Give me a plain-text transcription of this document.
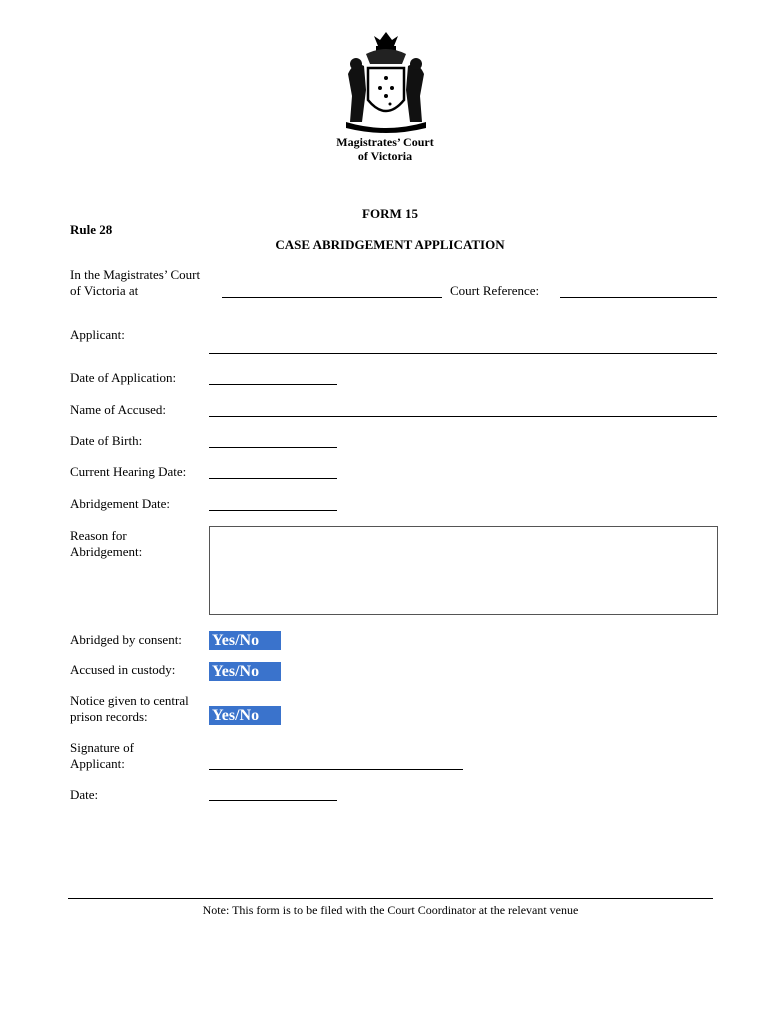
Magistrates’ Court
of Victoria
FORM 15
Rule 28
CASE ABRIDGEMENT APPLICATION
In the Magistrates’ Court
of Victoria at	Court Reference:
Applicant:
Date of Application:
Name of Accused:
Date of Birth:
Current Hearing Date:
Abridgement Date:
Reason for
Abridgement:
Abridged by consent: Yes/No
Accused in custody: Yes/No
Notice given to central
prison records:	Yes/No
Signature of
Applicant:
Date:
Note: This form is to be filed with the Court Coordinator at the relevant venue
